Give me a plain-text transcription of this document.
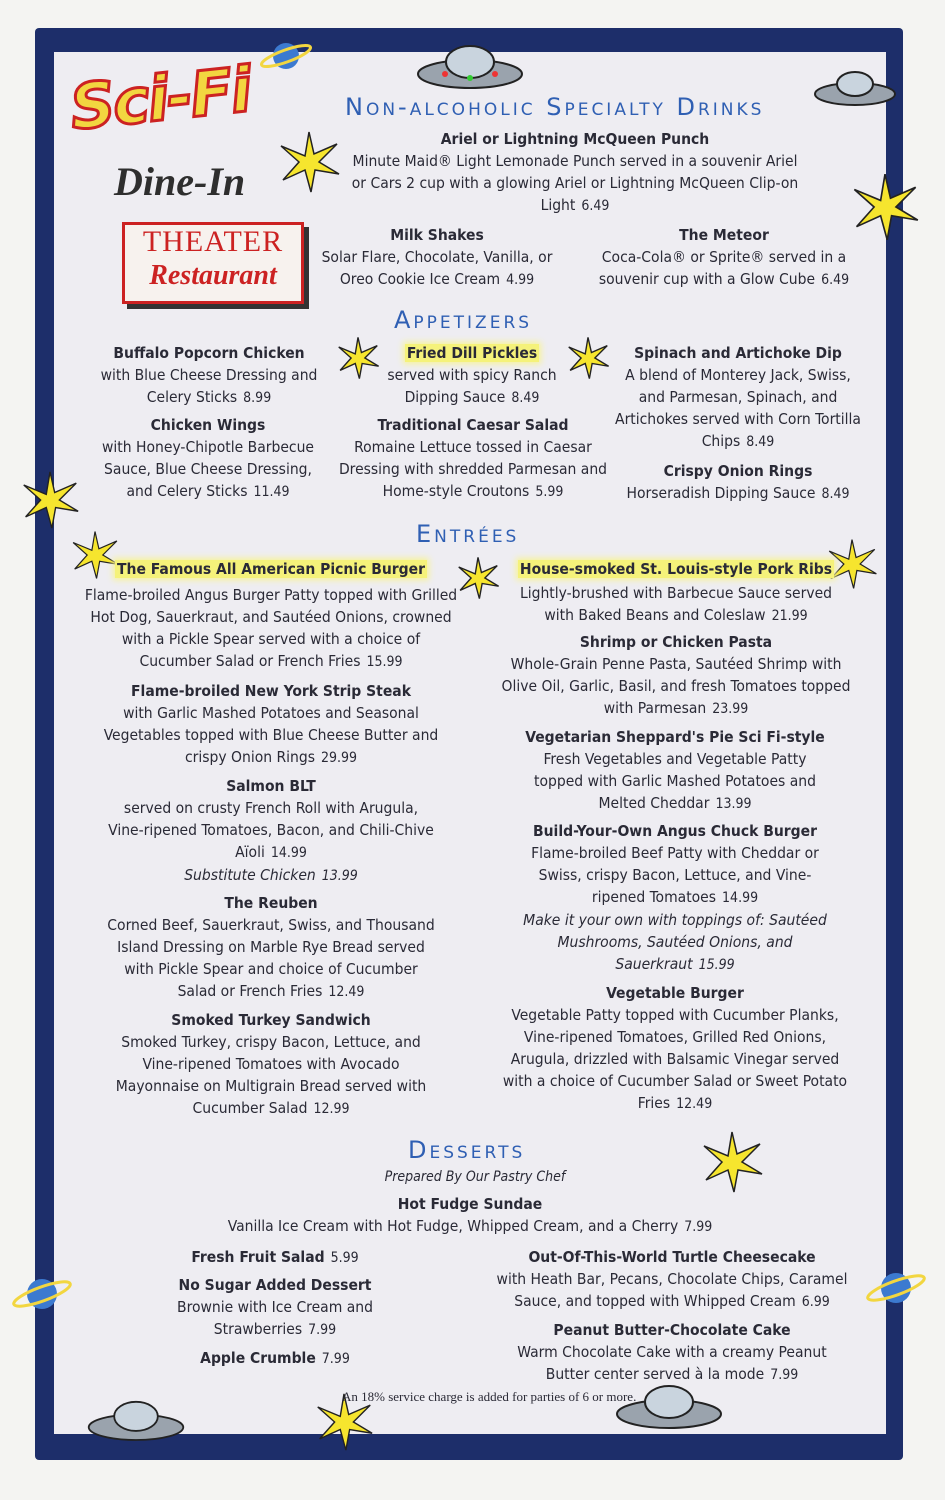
Sci-Fi
Dine-In
THEATER
Restaurant
Non-alcoholic Specialty Drinks
Ariel or Lightning McQueen Punch
Minute Maid® Light Lemonade Punch served in a souvenir Ariel or Cars 2 cup with a glowing Ariel or Lightning McQueen Clip-on Light 6.49
Milk Shakes
Solar Flare, Chocolate, Vanilla, or Oreo Cookie Ice Cream 4.99
The Meteor
Coca-Cola® or Sprite® served in a souvenir cup with a Glow Cube 6.49
Appetizers
Buffalo Popcorn Chicken
with Blue Cheese Dressing and Celery Sticks 8.99
Chicken Wings
with Honey-Chipotle Barbecue Sauce, Blue Cheese Dressing, and Celery Sticks 11.49
Fried Dill Pickles
served with spicy Ranch Dipping Sauce 8.49
Traditional Caesar Salad
Romaine Lettuce tossed in Caesar Dressing with shredded Parmesan and Home-style Croutons 5.99
Spinach and Artichoke Dip
A blend of Monterey Jack, Swiss, and Parmesan, Spinach, and Artichokes served with Corn Tortilla Chips 8.49
Crispy Onion Rings
Horseradish Dipping Sauce 8.49
Entrées
The Famous All American Picnic Burger
Flame-broiled Angus Burger Patty topped with Grilled Hot Dog, Sauerkraut, and Sautéed Onions, crowned with a Pickle Spear served with a choice of Cucumber Salad or French Fries 15.99
Flame-broiled New York Strip Steak
with Garlic Mashed Potatoes and Seasonal Vegetables topped with Blue Cheese Butter and crispy Onion Rings 29.99
Salmon BLT
served on crusty French Roll with Arugula, Vine-ripened Tomatoes, Bacon, and Chili-Chive Aïoli 14.99
Substitute Chicken 13.99
The Reuben
Corned Beef, Sauerkraut, Swiss, and Thousand Island Dressing on Marble Rye Bread served with Pickle Spear and choice of Cucumber Salad or French Fries 12.49
Smoked Turkey Sandwich
Smoked Turkey, crispy Bacon, Lettuce, and Vine-ripened Tomatoes with Avocado Mayonnaise on Multigrain Bread served with Cucumber Salad 12.99
House-smoked St. Louis-style Pork Ribs
Lightly-brushed with Barbecue Sauce served with Baked Beans and Coleslaw 21.99
Shrimp or Chicken Pasta
Whole-Grain Penne Pasta, Sautéed Shrimp with Olive Oil, Garlic, Basil, and fresh Tomatoes topped with Parmesan 23.99
Vegetarian Sheppard's Pie Sci Fi-style
Fresh Vegetables and Vegetable Patty topped with Garlic Mashed Potatoes and Melted Cheddar 13.99
Build-Your-Own Angus Chuck Burger
Flame-broiled Beef Patty with Cheddar or Swiss, crispy Bacon, Lettuce, and Vine-ripened Tomatoes 14.99
Make it your own with toppings of: Sautéed Mushrooms, Sautéed Onions, and Sauerkraut 15.99
Vegetable Burger
Vegetable Patty topped with Cucumber Planks, Vine-ripened Tomatoes, Grilled Red Onions, Arugula, drizzled with Balsamic Vinegar served with a choice of Cucumber Salad or Sweet Potato Fries 12.49
Desserts
Prepared By Our Pastry Chef
Hot Fudge Sundae
Vanilla Ice Cream with Hot Fudge, Whipped Cream, and a Cherry 7.99
Fresh Fruit Salad 5.99
No Sugar Added Dessert
Brownie with Ice Cream and Strawberries 7.99
Apple Crumble 7.99
Out-Of-This-World Turtle Cheesecake
with Heath Bar, Pecans, Chocolate Chips, Caramel Sauce, and topped with Whipped Cream 6.99
Peanut Butter-Chocolate Cake
Warm Chocolate Cake with a creamy Peanut Butter center served à la mode 7.99
An 18% service charge is added for parties of 6 or more.
